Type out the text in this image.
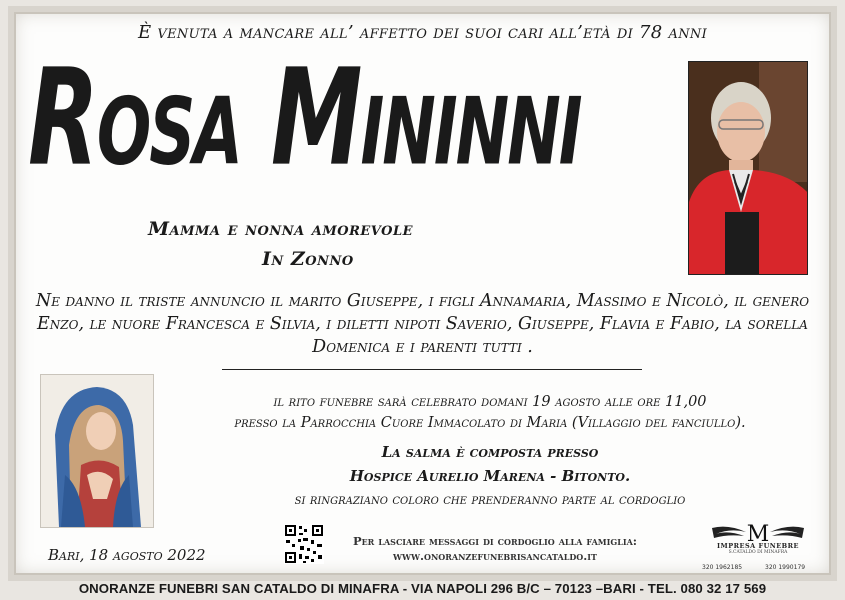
È venuta a mancare all’ affetto dei suoi cari all’età di 78 anni
Rosa Mininni
Mamma e nonna amorevole
In Zonno
Ne danno il triste annuncio il marito Giuseppe, i figli Annamaria, Massimo e Nicolò, il genero Enzo, le nuore Francesca e Silvia, i diletti nipoti Saverio, Giuseppe, Flavia e Fabio, la sorella Domenica e i parenti tutti .
il rito funebre sarà celebrato domani 19 agosto alle ore 11,00
presso la Parrocchia Cuore Immacolato di Maria (Villaggio del fanciullo).
La salma è composta presso
Hospice Aurelio Marena - Bitonto.
si ringraziano coloro che prenderanno parte al cordoglio
Bari, 18 agosto 2022
Per lasciare messaggi di cordoglio alla famiglia:
www.onoranzefunebrisancataldo.it
M
IMPRESA FUNEBRE
S.CATALDO DI MINAFRA
320 1962185	320 1990179
ONORANZE FUNEBRI SAN CATALDO DI MINAFRA - VIA NAPOLI 296 B/C – 70123 –BARI - TEL. 080 32 17 569
